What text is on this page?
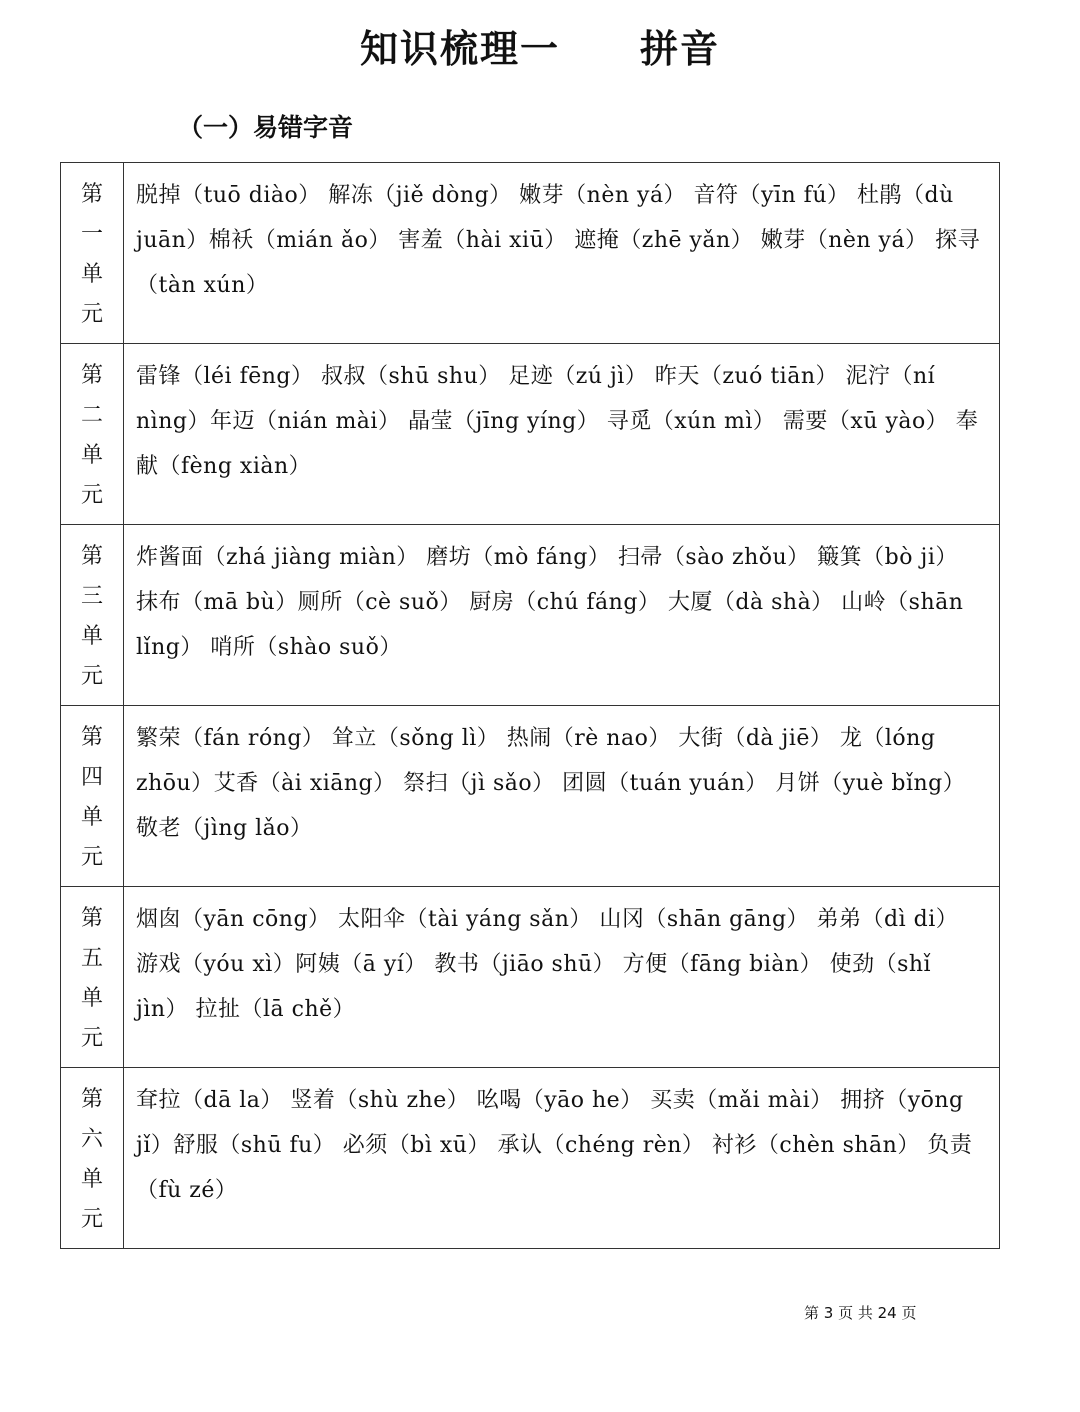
知识梳理一　　拼音
（一）易错字音
第一单元	脱掉（tuō diào） 解冻（jiě dòng） 嫩芽（nèn yá） 音符（yīn fú） 杜鹃（dù juān）棉袄（mián ǎo） 害羞（hài xiū） 遮掩（zhē yǎn） 嫩芽（nèn yá） 探寻（tàn xún）

第二单元	雷锋（léi fēng） 叔叔（shū shu） 足迹（zú jì） 昨天（zuó tiān） 泥泞（ní nìng）年迈（nián mài） 晶莹（jīng yíng） 寻觅（xún mì） 需要（xū yào） 奉献（fèng xiàn）

第三单元	炸酱面（zhá jiàng miàn） 磨坊（mò fáng） 扫帚（sào zhǒu） 簸箕（bò ji） 抹布（mā bù）厕所（cè suǒ） 厨房（chú fáng） 大厦（dà shà） 山岭（shān lǐng） 哨所（shào suǒ）

第四单元	繁荣（fán róng） 耸立（sǒng lì） 热闹（rè nao） 大街（dà jiē） 龙（lóng zhōu）艾香（ài xiāng） 祭扫（jì sǎo） 团圆（tuán yuán） 月饼（yuè bǐng） 敬老（jìng lǎo）

第五单元	烟囱（yān cōng） 太阳伞（tài yáng sǎn） 山冈（shān gāng） 弟弟（dì di） 游戏（yóu xì）阿姨（ā yí） 教书（jiāo shū） 方便（fāng biàn） 使劲（shǐ jìn） 拉扯（lā chě）

第六单元	耷拉（dā la） 竖着（shù zhe） 吆喝（yāo he） 买卖（mǎi mài） 拥挤（yōng jǐ）舒服（shū fu） 必须（bì xū） 承认（chéng rèn） 衬衫（chèn shān） 负责（fù zé）
第 3 页 共 24 页
